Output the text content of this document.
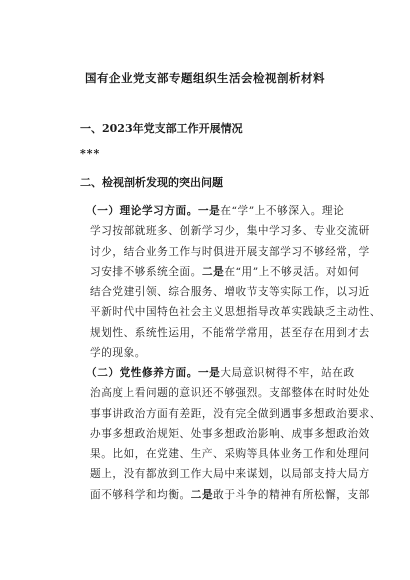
国有企业党支部专题组织生活会检视剖析材料
一、2023年党支部工作开展情况
***
二、检视剖析发现的突出问题
（一）理论学习方面。一是在“学”上不够深入。理论
学习按部就班多、创新学习少，集中学习多、专业交流研
讨少，结合业务工作与时俱进开展支部学习不够经常，学
习安排不够系统全面。二是在“用”上不够灵活。对如何
结合党建引领、综合服务、增收节支等实际工作，以习近
平新时代中国特色社会主义思想指导改革实践缺乏主动性、
规划性、系统性运用，不能常学常用，甚至存在用到才去
学的现象。
（二）党性修养方面。一是大局意识树得不牢，站在政
治高度上看问题的意识还不够强烈。支部整体在时时处处
事事讲政治方面有差距，没有完全做到遇事多想政治要求、
办事多想政治规矩、处事多想政治影响、成事多想政治效
果。比如，在党建、生产、采购等具体业务工作和处理问
题上，没有都放到工作大局中来谋划，以局部支持大局方
面不够科学和均衡。二是敢于斗争的精神有所松懈，支部
